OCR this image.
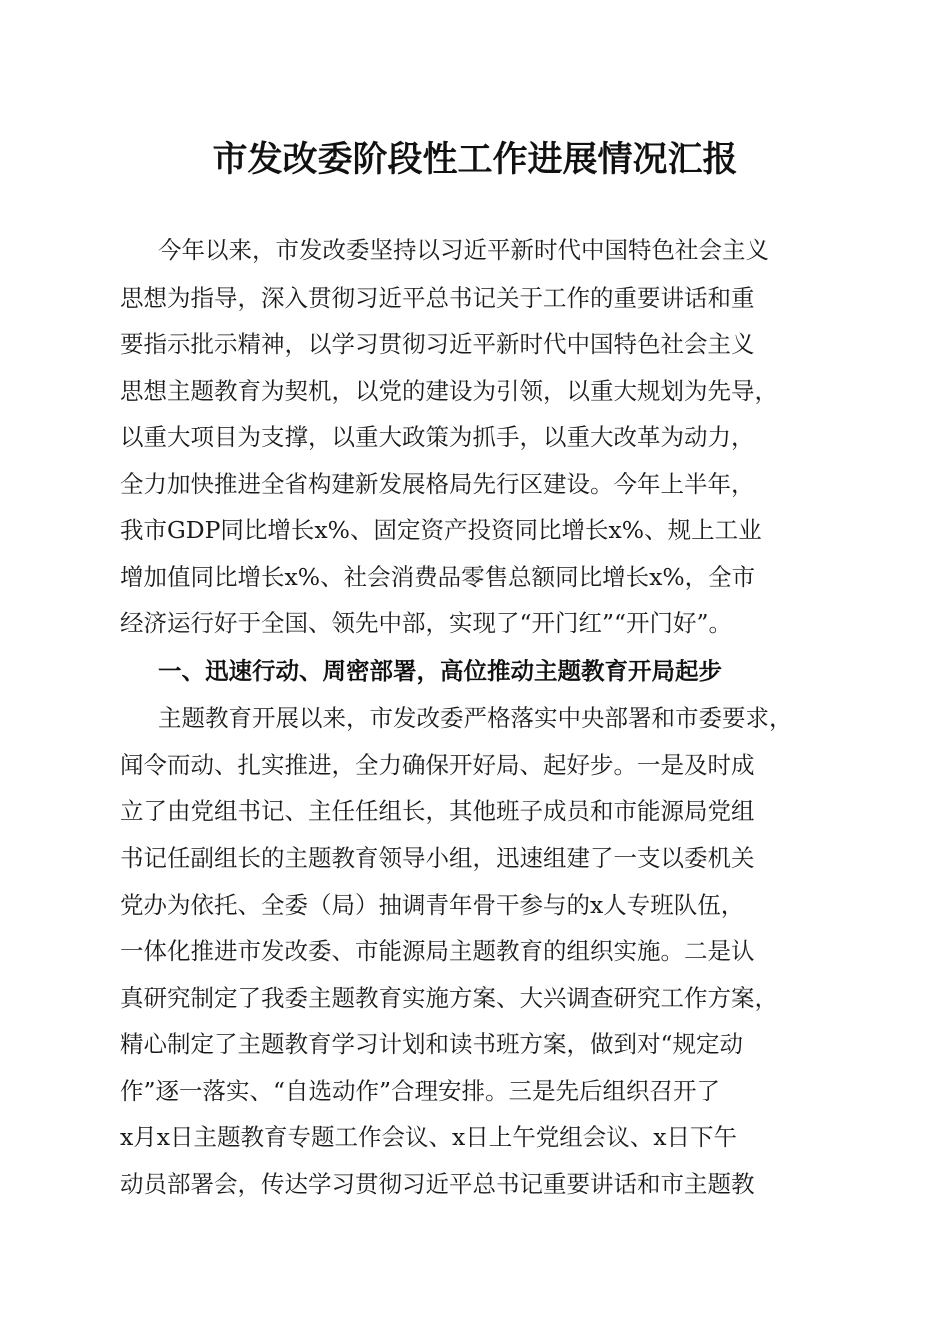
市发改委阶段性工作进展情况汇报

今年以来，市发改委坚持以习近平新时代中国特色社会主义

思想为指导，深入贯彻习近平总书记关于工作的重要讲话和重

要指示批示精神，以学习贯彻习近平新时代中国特色社会主义

思想主题教育为契机，以党的建设为引领，以重大规划为先导，

以重大项目为支撑，以重大政策为抓手，以重大改革为动力，

全力加快推进全省构建新发展格局先行区建设。今年上半年，

我市GDP同比增长x%、固定资产投资同比增长x%、规上工业

增加值同比增长x%、社会消费品零售总额同比增长x%，全市

经济运行好于全国、领先中部，实现了“开门红”“开门好”。

一、迅速行动、周密部署，高位推动主题教育开局起步

主题教育开展以来，市发改委严格落实中央部署和市委要求，

闻令而动、扎实推进，全力确保开好局、起好步。一是及时成

立了由党组书记、主任任组长，其他班子成员和市能源局党组

书记任副组长的主题教育领导小组，迅速组建了一支以委机关

党办为依托、全委（局）抽调青年骨干参与的x人专班队伍，

一体化推进市发改委、市能源局主题教育的组织实施。二是认

真研究制定了我委主题教育实施方案、大兴调查研究工作方案，

精心制定了主题教育学习计划和读书班方案，做到对“规定动

作”逐一落实、“自选动作”合理安排。三是先后组织召开了

x月x日主题教育专题工作会议、x日上午党组会议、x日下午

动员部署会，传达学习贯彻习近平总书记重要讲话和市主题教
